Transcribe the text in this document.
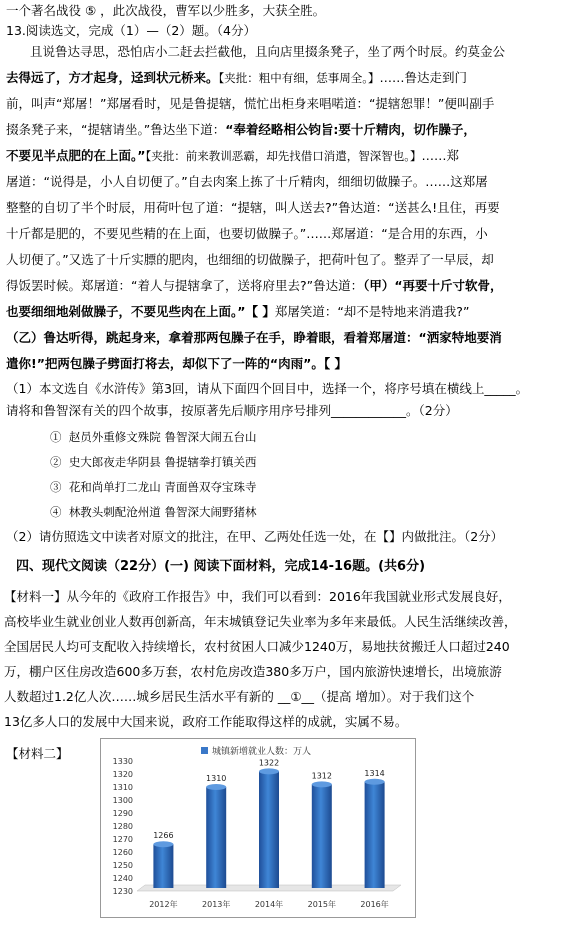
一个著名战役 ⑤ ，此次战役，曹军以少胜多，大获全胜。
13.阅读选文，完成（1）—（2）题。（4分）
且说鲁达寻思，恐怕店小二赶去拦截他，且向店里掇条凳子，坐了两个时辰。约莫金公
去得远了，方才起身，迳到状元桥来。【夹批：粗中有细，恁事周全。】……鲁达走到门
前，叫声“郑屠！”郑屠看时，见是鲁提辖，慌忙出柜身来唱喏道：“提辖恕罪！”便叫副手
掇条凳子来，“提辖请坐。”鲁达坐下道：“奉着经略相公钧旨:要十斤精肉，切作臊子，
不要见半点肥的在上面。”【夹批：前来教训恶霸，却先找借口消遣，智深智也。】……郑
屠道：“说得是，小人自切便了。”自去肉案上拣了十斤精肉，细细切做臊子。……这郑屠
整整的自切了半个时辰，用荷叶包了道：“提辖，叫人送去?”鲁达道：“送甚么!且住，再要
十斤都是肥的，不要见些精的在上面，也要切做臊子。”……郑屠道：“是合用的东西，小
人切便了。”又选了十斤实膘的肥肉，也细细的切做臊子，把荷叶包了。整弄了一早辰，却
得饭罢时候。郑屠道：“着人与提辖拿了，送将府里去?”鲁达道：（甲）“再要十斤寸软骨，
也要细细地剁做臊子，不要见些肉在上面。”【 】郑屠笑道：“却不是特地来消遣我?”
（乙）鲁达听得，跳起身来，拿着那两包臊子在手，睁着眼，看着郑屠道：“洒家特地要消
遣你!”把两包臊子劈面打将去，却似下了一阵的“肉雨”。【 】
（1）本文选自《水浒传》第3回，请从下面四个回目中，选择一个，将序号填在横线上_____。
请将和鲁智深有关的四个故事，按原著先后顺序用序号排列____________。（2分）
① 赵员外重修文殊院 鲁智深大闹五台山
② 史大郎夜走华阴县 鲁提辖拳打镇关西
③ 花和尚单打二龙山 青面兽双夺宝珠寺
④ 林教头刺配沧州道 鲁智深大闹野猪林
（2）请仿照选文中读者对原文的批注，在甲、乙两处任选一处，在【】内做批注。（2分）
四、现代文阅读（22分）(一) 阅读下面材料，完成14-16题。(共6分)
【材料一】从今年的《政府工作报告》中，我们可以看到：2016年我国就业形式发展良好，
高校毕业生就业创业人数再创新高，年末城镇登记失业率为多年来最低。人民生活继续改善，
全国居民人均可支配收入持续增长，农村贫困人口减少1240万，易地扶贫搬迁人口超过240
万，棚户区住房改造600多万套，农村危房改造380多万户，国内旅游快速增长，出境旅游
人数超过1.2亿人次……城乡居民生活水平有新的 __①__（提高 增加）。对于我们这个
13亿多人口的发展中大国来说，政府工作能取得这样的成就，实属不易。
【材料二】	城镇新增就业人数：万人
1230
1240
1250
1260
1270
1280
1290
1300
1310
1320
1330
1266
1310
1322
1312	1314
2012年	2013年	2014年	2015年	2016年
